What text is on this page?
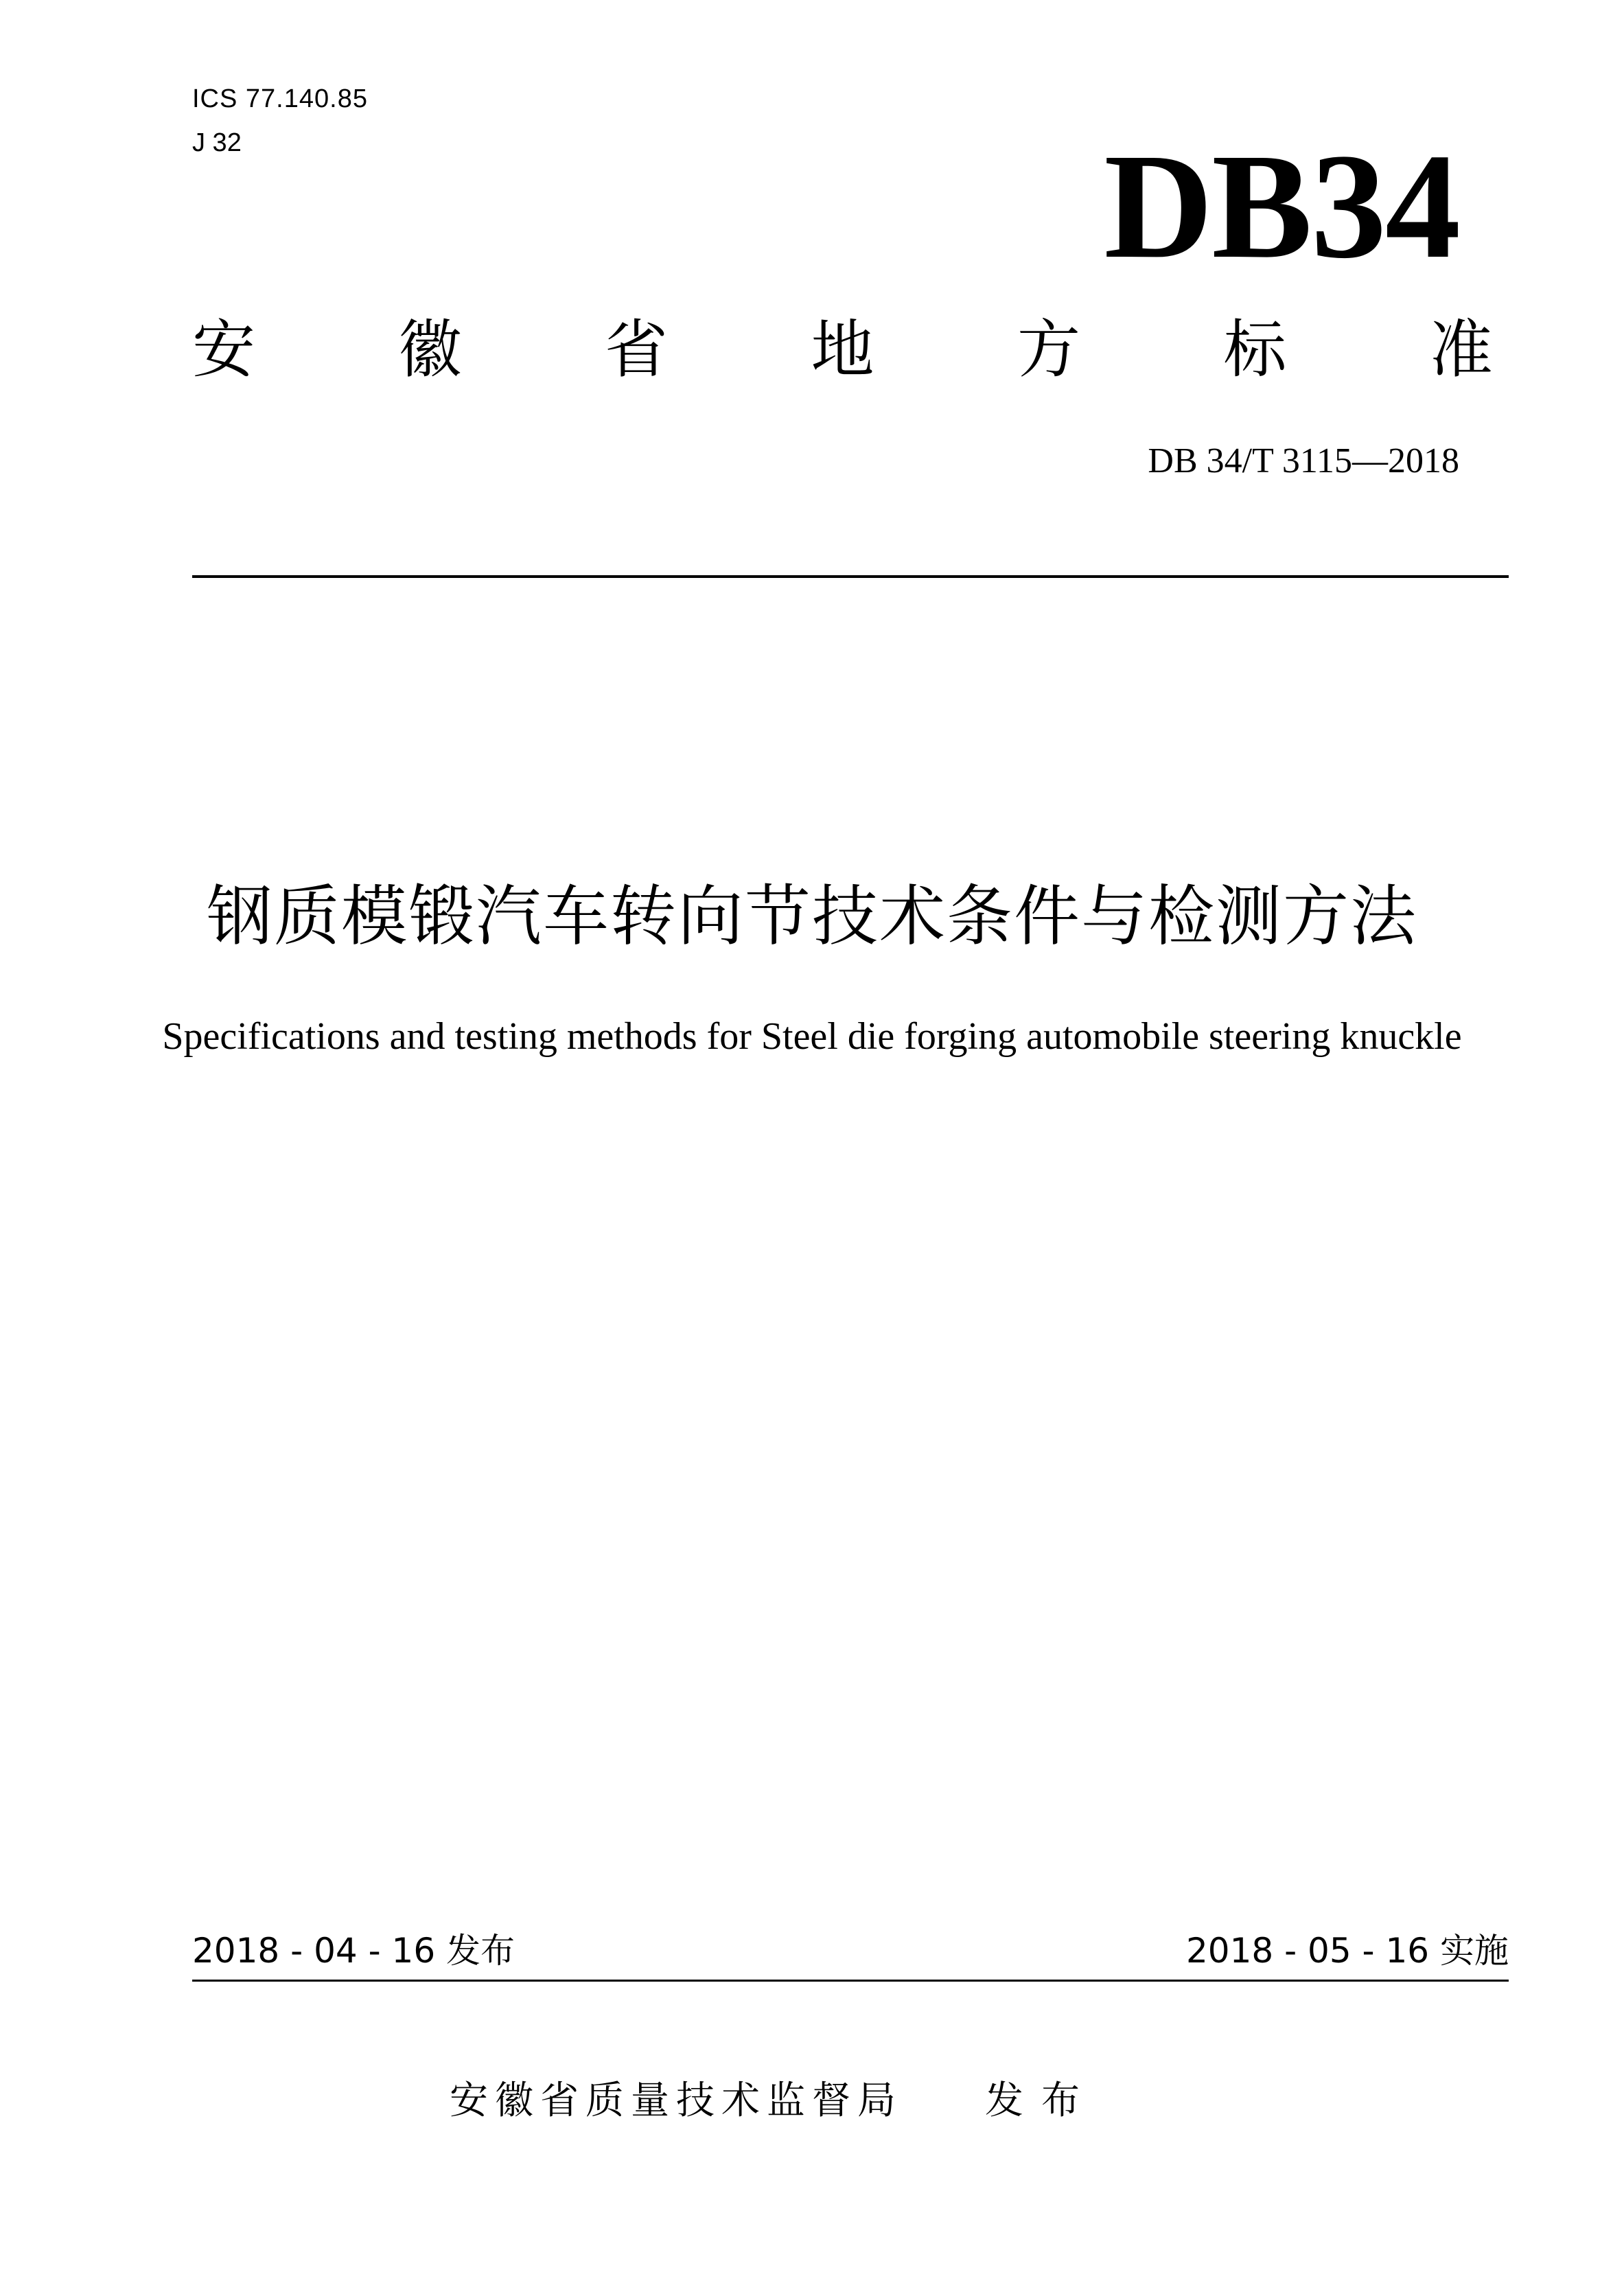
ICS 77.140.85
J 32	DB34
安 徽 省 地 方 标 准
DB 34/T 3115—2018
钢质模锻汽车转向节技术条件与检测方法
Specifications and testing methods for Steel die forging automobile steering knuckle
2018 - 04 - 16 发布	2018 - 05 - 16 实施
安徽省质量技术监督局 发布
